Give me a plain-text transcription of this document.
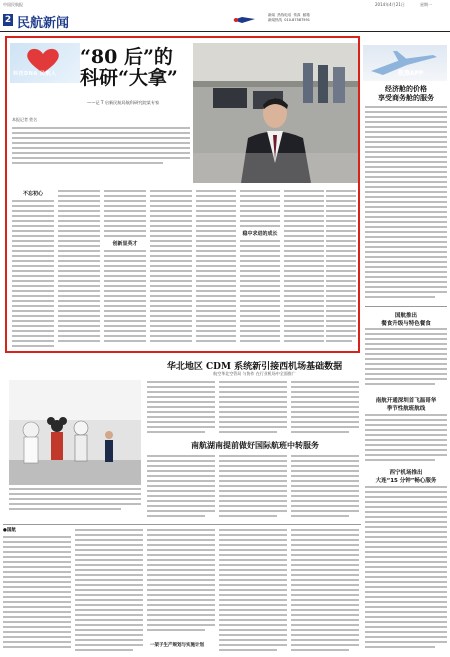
中国民航报	2014年4月21日	星期一
2 民航新闻
新闻 热线电话 传真 邮箱
新闻热线 010-87587591
科技DNA 民航人
“80 后”的
科研“大拿”
——记 T 启新民航局航科研究院某专家
本报记者 姓名
不忘初心
创新显英才
稳中求进的成长
航旅APP
经济舱的价格
享受商务舱的服务
国航推出
餐食升级与特色餐食
南航开通深圳首飞温哥华
季节性航班航线
西宁机场推出
大连“15 分钟”畅心服务
华北地区 CDM 系统新引接西机场基础数据
航空华北空管局 与协作 在行业机场中全面推广
南航湖南提前做好国际航班中转服务
●国航
一架子生产规划与实施计划
